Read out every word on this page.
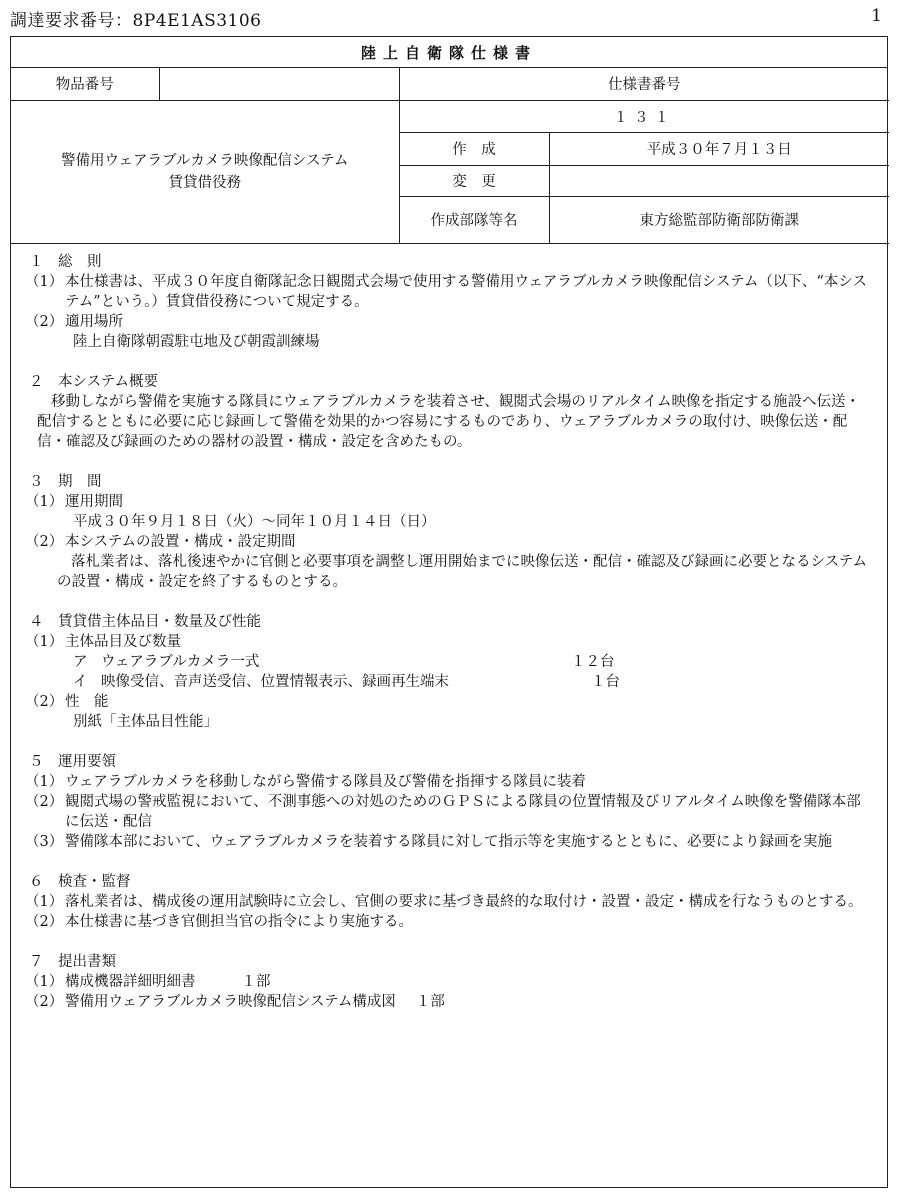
調達要求番号：8P4E1AS3106	1
陸上自衛隊仕様書
物品番号		仕様書番号	

警備用ウェアラブルカメラ映像配信システム
賃貸借役務		１３１	
		作　成	平成３０年７月１３日
		変　更	
		作成部隊等名	東方総監部防衛部防衛課
１　総　則
（1） 本仕様書は、平成３０年度自衛隊記念日観閲式会場で使用する警備用ウェアラブルカメラ映像配信システム（以下、“本システム”という。）賃貸借役務について規定する。
（2） 適用場所
陸上自衛隊朝霞駐屯地及び朝霞訓練場
２　本システム概要
移動しながら警備を実施する隊員にウェアラブルカメラを装着させ、観閲式会場のリアルタイム映像を指定する施設へ伝送・配信するとともに必要に応じ録画して警備を効果的かつ容易にするものであり、ウェアラブルカメラの取付け、映像伝送・配信・確認及び録画のための器材の設置・構成・設定を含めたもの。
３　期　間
（1） 運用期間
平成３０年９月１８日（火）～同年１０月１４日（日）
（2） 本システムの設置・構成・設定期間
落札業者は、落札後速やかに官側と必要事項を調整し運用開始までに映像伝送・配信・確認及び録画に必要となるシステムの設置・構成・設定を終了するものとする。
４　賃貸借主体品目・数量及び性能
（1） 主体品目及び数量
ア ウェアラブルカメラ一式	１２台
イ 映像受信、音声送受信、位置情報表示、録画再生端末	１台
（2） 性　能
別紙「主体品目性能」
５　運用要領
（1） ウェアラブルカメラを移動しながら警備する隊員及び警備を指揮する隊員に装着
（2） 観閲式場の警戒監視において、不測事態への対処のためのＧＰＳによる隊員の位置情報及びリアルタイム映像を警備隊本部に伝送・配信
（3） 警備隊本部において、ウェアラブルカメラを装着する隊員に対して指示等を実施するとともに、必要により録画を実施
６　検査・監督
（1） 落札業者は、構成後の運用試験時に立会し、官側の要求に基づき最終的な取付け・設置・設定・構成を行なうものとする。
（2） 本仕様書に基づき官側担当官の指令により実施する。
７　提出書類
（1） 構成機器詳細明細書	１部
（2） 警備用ウェアラブルカメラ映像配信システム構成図	１部
